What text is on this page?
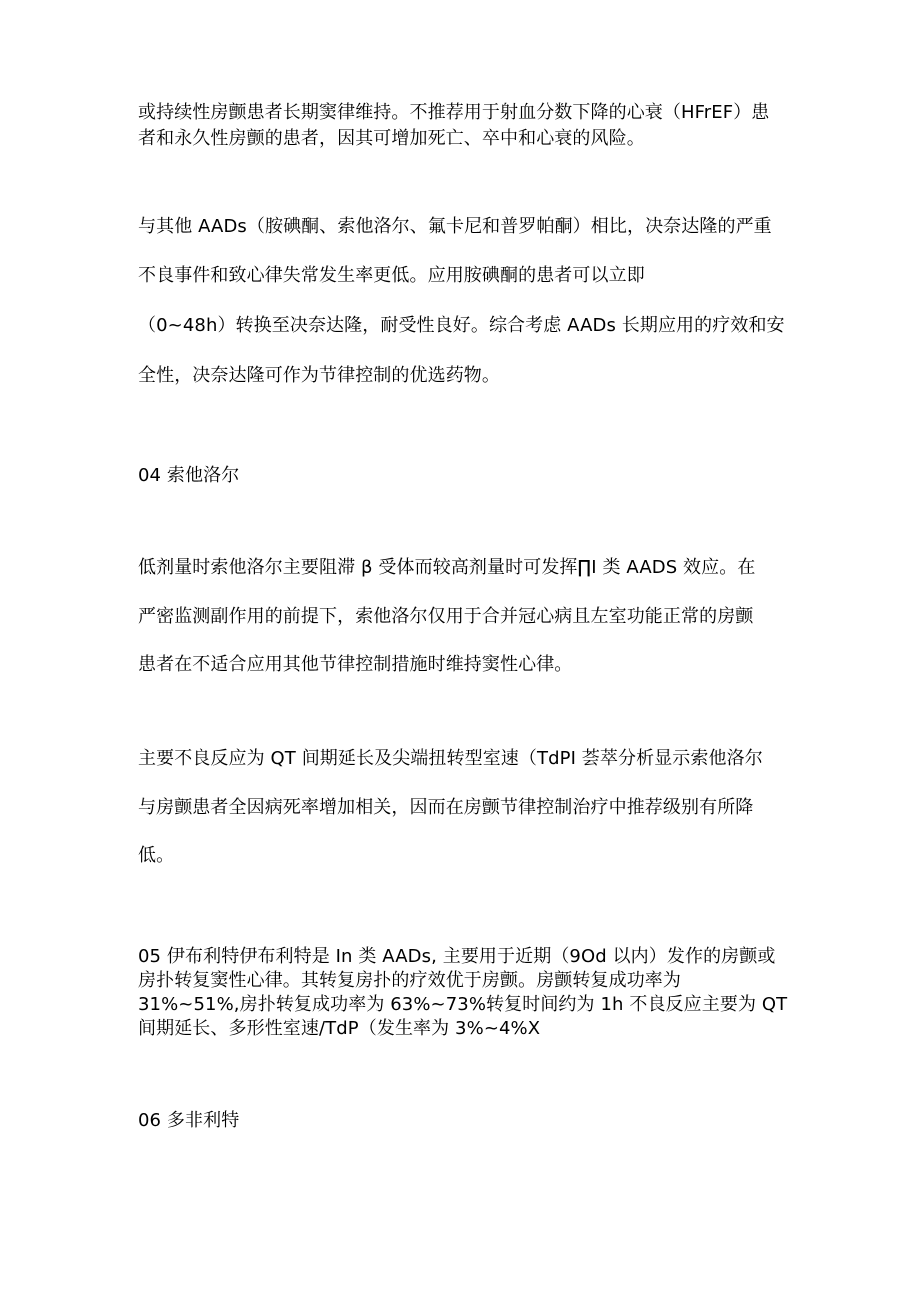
或持续性房颤患者长期窦律维持。不推荐用于射血分数下降的心衰（HFrEF）患
者和永久性房颤的患者，因其可增加死亡、卒中和心衰的风险。
与其他 AADs（胺碘酮、索他洛尔、氟卡尼和普罗帕酮）相比，决奈达隆的严重
不良事件和致心律失常发生率更低。应用胺碘酮的患者可以立即
（0~48h）转换至决奈达隆，耐受性良好。综合考虑 AADs 长期应用的疗效和安
全性，决奈达隆可作为节律控制的优选药物。
04 索他洛尔
低剂量时索他洛尔主要阻滞 β 受体而较高剂量时可发挥∏I 类 AADS 效应。在
严密监测副作用的前提下，索他洛尔仅用于合并冠心病且左室功能正常的房颤
患者在不适合应用其他节律控制措施时维持窦性心律。
主要不良反应为 QT 间期延长及尖端扭转型室速（TdPI 荟萃分析显示索他洛尔
与房颤患者全因病死率增加相关，因而在房颤节律控制治疗中推荐级别有所降
低。
05 伊布利特伊布利特是 In 类 AADs, 主要用于近期（9Od 以内）发作的房颤或
房扑转复窦性心律。其转复房扑的疗效优于房颤。房颤转复成功率为
31%~51%,房扑转复成功率为 63%~73%转复时间约为 1h 不良反应主要为 QT
间期延长、多形性室速/TdP（发生率为 3%~4%X
06 多非利特
